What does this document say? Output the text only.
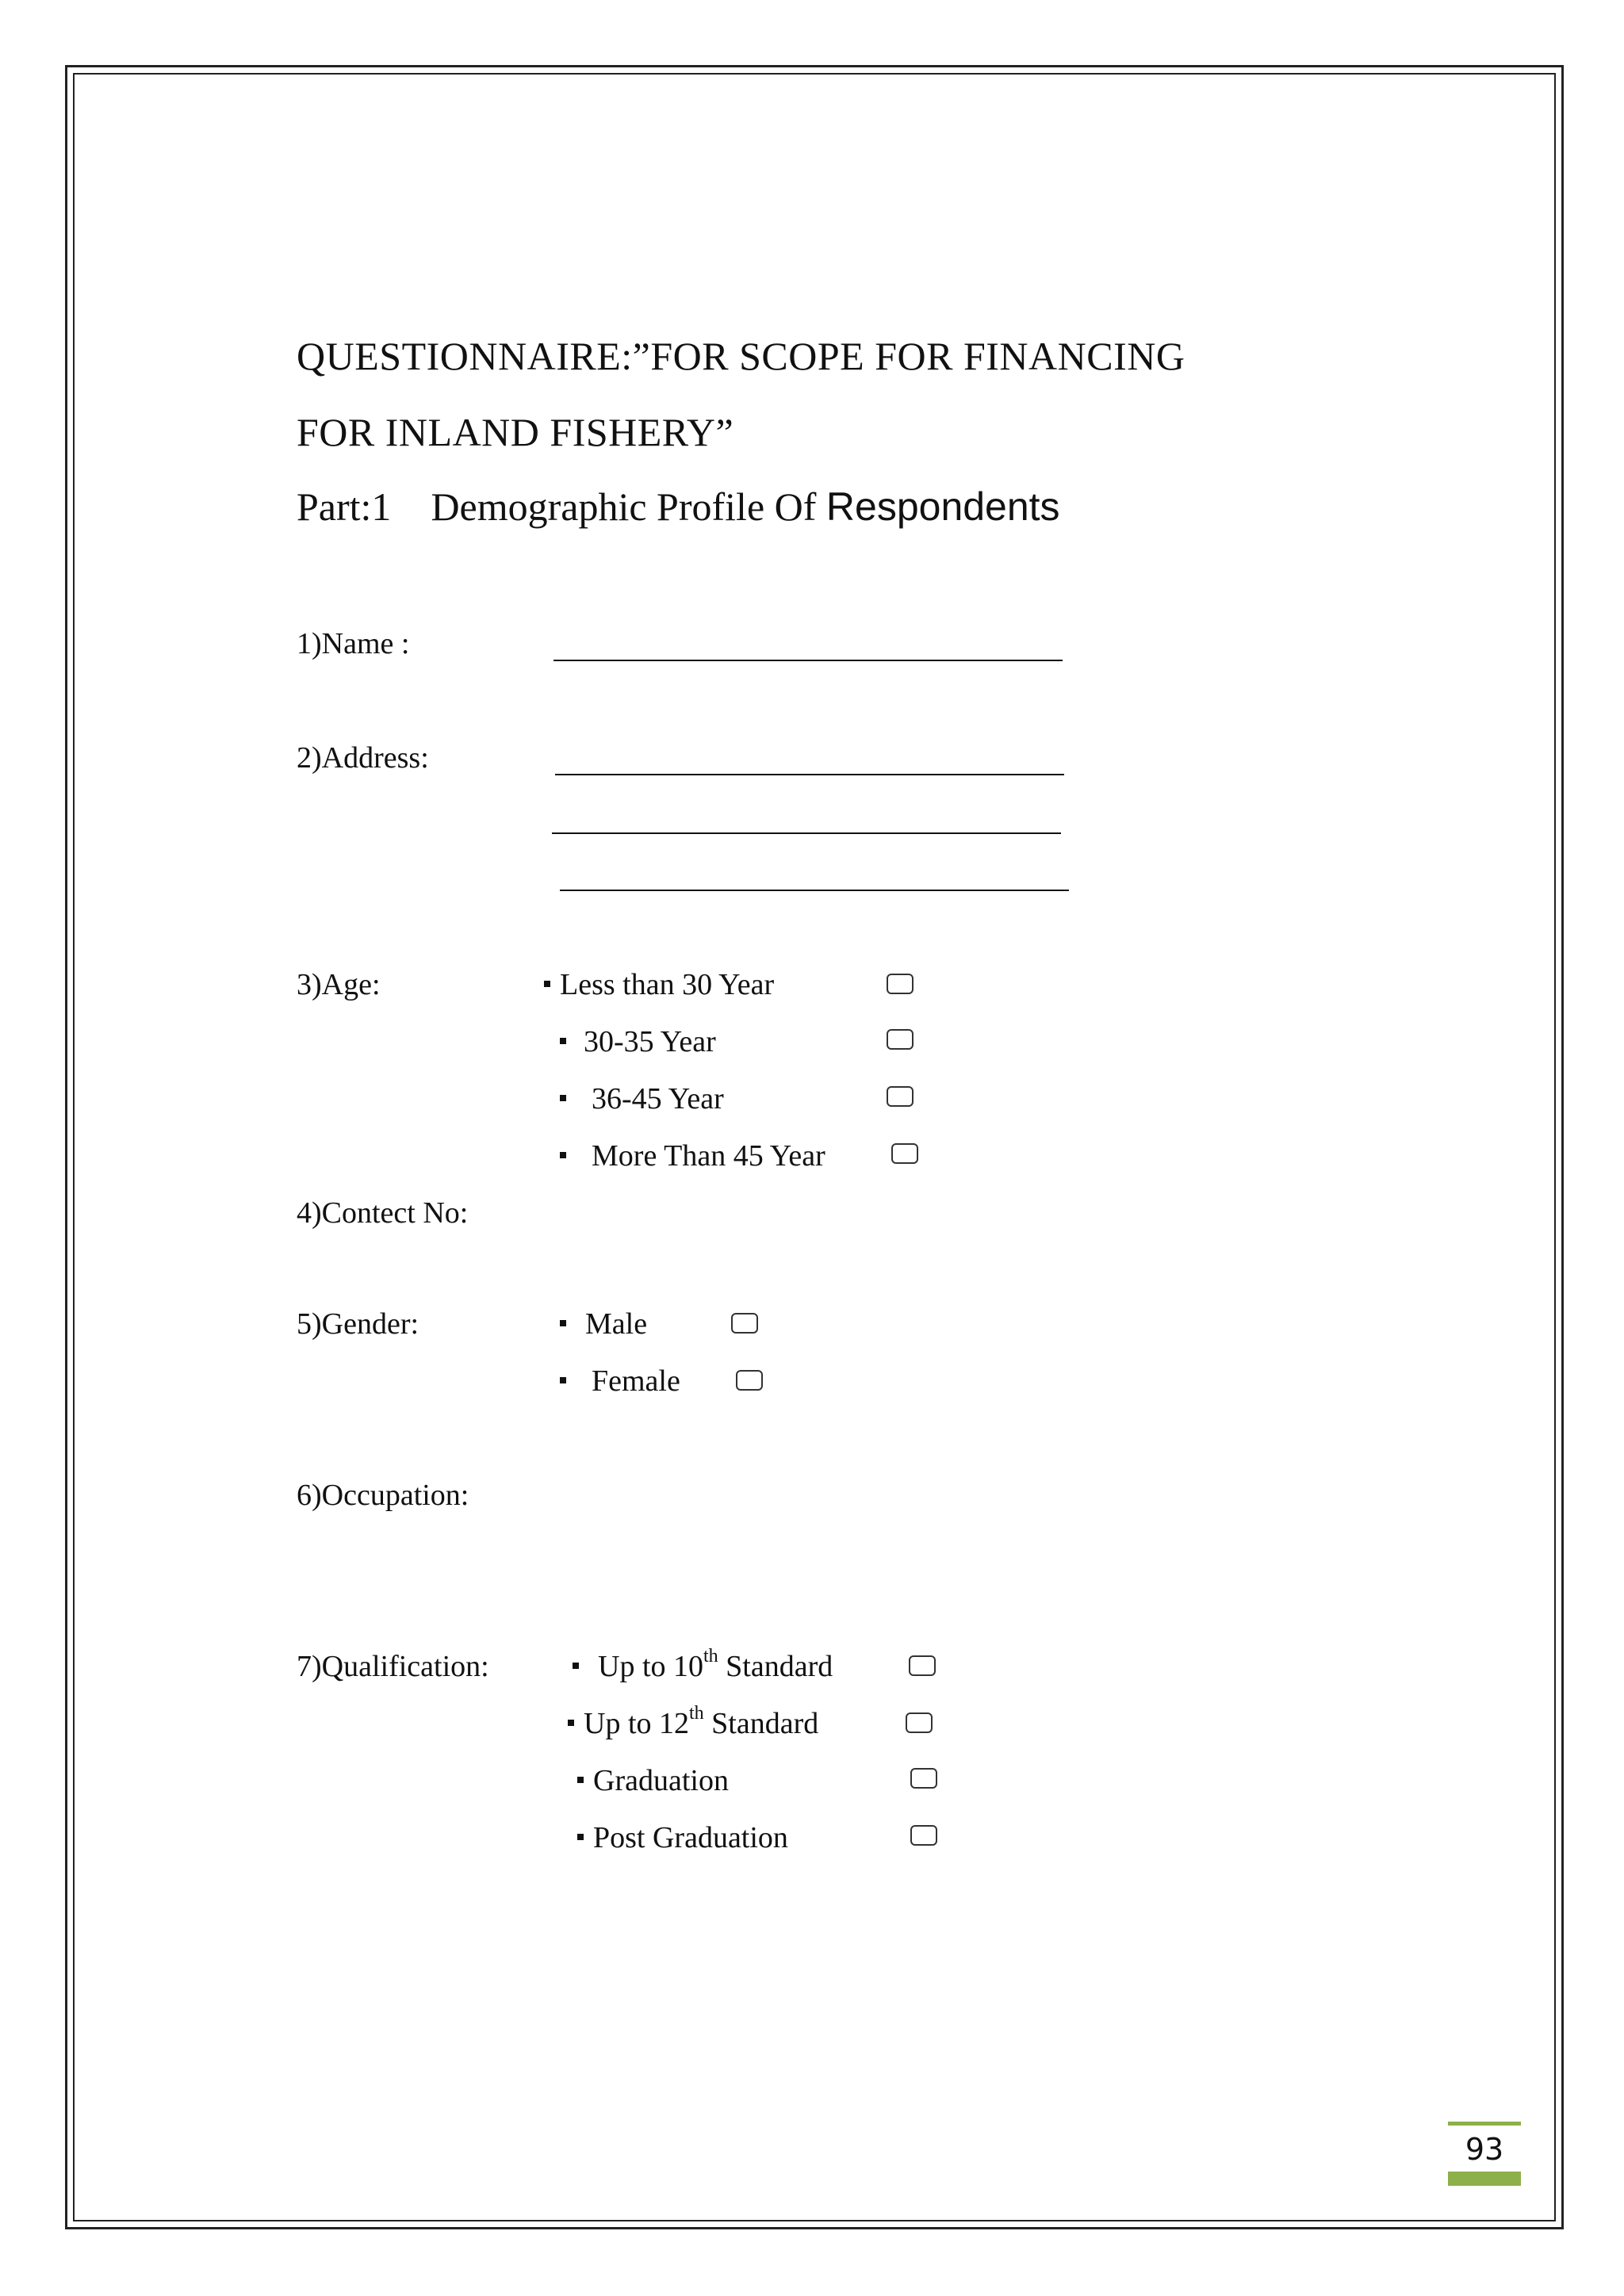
QUESTIONNAIRE:”FOR SCOPE FOR FINANCING
FOR INLAND FISHERY”
Part:1 Demographic Profile Of Respondents
1)Name :
2)Address:
3)Age:	Less than 30 Year
30-35 Year
36-45 Year
More Than 45 Year
4)Contect No:
5)Gender:	Male
Female
6)Occupation:
7)Qualification:	Up to 10th Standard
Up to 12th Standard
Graduation
Post Graduation
93
